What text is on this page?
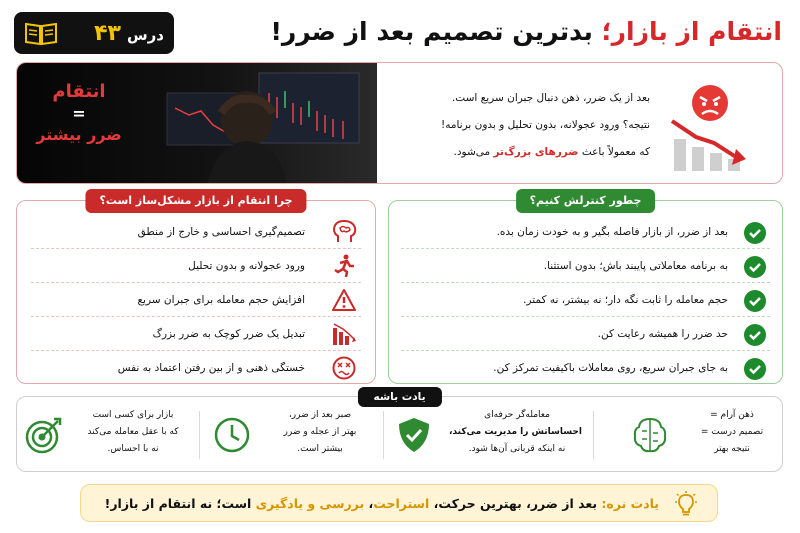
انتقام از بازار؛ بدترین تصمیم بعد از ضرر!
درس
۴۳
انتقام
=
ضرر بیشتر
بعد از یک ضرر، ذهن دنبال جبران سریع است.
نتیجه؟ ورود عجولانه، بدون تحلیل و بدون برنامه!
که معمولاً باعث ضررهای بزرگ‌تر می‌شود.
چرا انتقام از بازار مشکل‌ساز است؟
تصمیم‌گیری احساسی و خارج از منطق
ورود عجولانه و بدون تحلیل
افزایش حجم معامله برای جبران سریع
تبدیل یک ضرر کوچک به ضرر بزرگ
خستگی ذهنی و از بین رفتن اعتماد به نفس
چطور کنترلش کنیم؟
بعد از ضرر، از بازار فاصله بگیر و به خودت زمان بده.
به برنامه معاملاتی پایبند باش؛ بدون استثنا.
حجم معامله را ثابت نگه دار؛ نه بیشتر، نه کمتر.
حد ضرر را همیشه رعایت کن.
به جای جبران سریع، روی معاملات باکیفیت تمرکز کن.
یادت باشه
ذهن آرام =
تصمیم درست =
نتیجه بهتر
معامله‌گر حرفه‌ای
احساساتش را مدیریت می‌کند،
نه اینکه قربانی آن‌ها شود.
صبر بعد از ضرر،
بهتر از عجله و ضرر
بیشتر است.
بازار برای کسی است
که با عقل معامله می‌کند
نه با احساس.
یادت نره: بعد از ضرر، بهترین حرکت، استراحت، بررسی و یادگیری است؛ نه انتقام از بازار!
